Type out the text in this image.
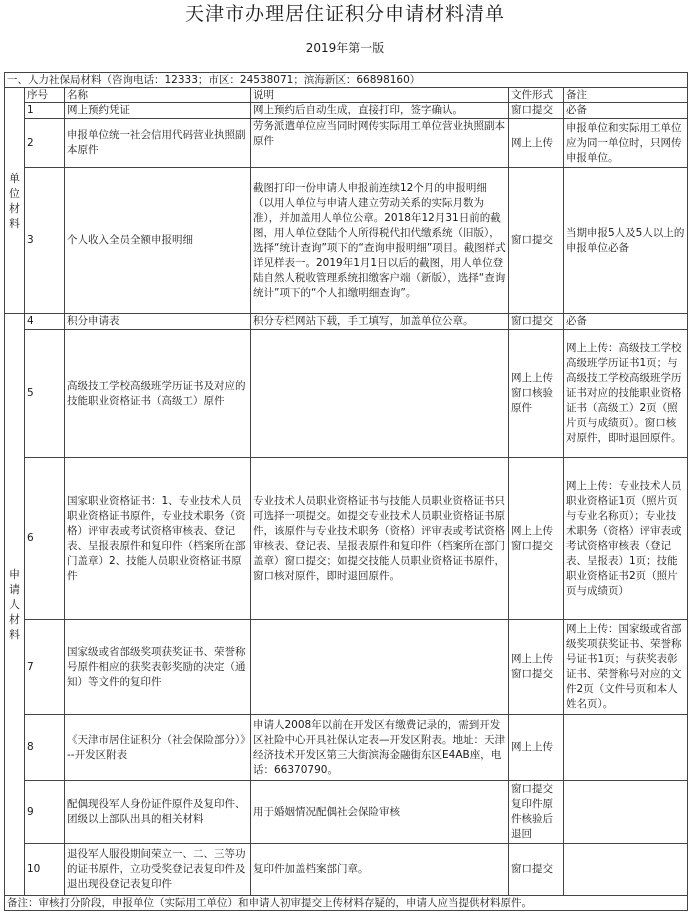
天津市办理居住证积分申请材料清单
2019年第一版
一、人力社保局材料（咨询电话：12333；市区：24538071；滨海新区：66898160）					
单位材料	序号	名称	说明	文件形式	备注
	1	网上预约凭证	网上预约后自动生成，直接打印，签字确认。	窗口提交	必备
	2	申报单位统一社会信用代码营业执照副本原件	劳务派遣单位应当同时网传实际用工单位营业执照副本原件	网上上传	申报单位和实际用工单位应为同一单位时，只网传申报单位。
	3	个人收入全员全额申报明细	截图打印一份申请人申报前连续12个月的申报明细（以用人单位与申请人建立劳动关系的实际月数为准），并加盖用人单位公章。2018年12月31日前的截图，用人单位登陆个人所得税代扣代缴系统（旧版），选择“统计查询”项下的“查询申报明细”项目。截图样式详见样表一。2019年1月1日以后的截图，用人单位登陆自然人税收管理系统扣缴客户端（新版），选择“查询统计”项下的“个人扣缴明细查询”。	窗口提交	当期申报5人及5人以上的申报单位必备
申请人材料	4	积分申请表	积分专栏网站下载，手工填写，加盖单位公章。	窗口提交	必备
	5	高级技工学校高级班学历证书及对应的技能职业资格证书（高级工）原件		网上上传窗口核验原件	网上上传：高级技工学校高级班学历证书1页；与高级技工学校高级班学历证书对应的技能职业资格证书（高级工）2页（照片页与成绩页）。窗口核对原件，即时退回原件。
	6	国家职业资格证书：1、专业技术人员职业资格证书原件，专业技术职务（资格）评审表或考试资格审核表、登记表、呈报表原件和复印件（档案所在部门盖章）2、技能人员职业资格证书原件	专业技术人员职业资格证书与技能人员职业资格证书只可选择一项提交。如提交专业技术人员职业资格证书原件，该原件与专业技术职务（资格）评审表或考试资格审核表、登记表、呈报表原件和复印件（档案所在部门盖章）窗口提交；如提交技能人员职业资格证书原件，窗口核对原件，即时退回原件。	网上上传窗口提交	网上上传：专业技术人员职业资格证1页（照片页与专业名称页）；专业技术职务（资格）评审表或考试资格审核表（登记表、呈报表）1页；技能职业资格证书2页（照片页与成绩页）
	7	国家级或省部级奖项获奖证书、荣誉称号原件相应的获奖表彰奖励的决定（通知）等文件的复印件		网上上传窗口提交	网上上传：国家级或省部级奖项获奖证书、荣誉称号证书1页；与获奖表彰证书、荣誉称号对应的文件2页（文件号页和本人姓名页）。
	8	《天津市居住证积分（社会保险部分）》--开发区附表	申请人2008年以前在开发区有缴费记录的，需到开发区社险中心开具社保认定表—开发区附表。地址：天津经济技术开发区第三大街滨海金融街东区E4AB座，电话：66370790。	网上上传	
	9	配偶现役军人身份证件原件及复印件、团级以上部队出具的相关材料	用于婚姻情况配偶社会保险审核	窗口提交复印件原件核验后退回	
	10	退役军人服役期间荣立一、二、三等功的证书原件，立功受奖登记表复印件及退出现役登记表复印件	复印件加盖档案部门章。	窗口提交	
备注：审核打分阶段，申报单位（实际用工单位）和申请人初审提交上传材料存疑的，申请人应当提供材料原件。					
